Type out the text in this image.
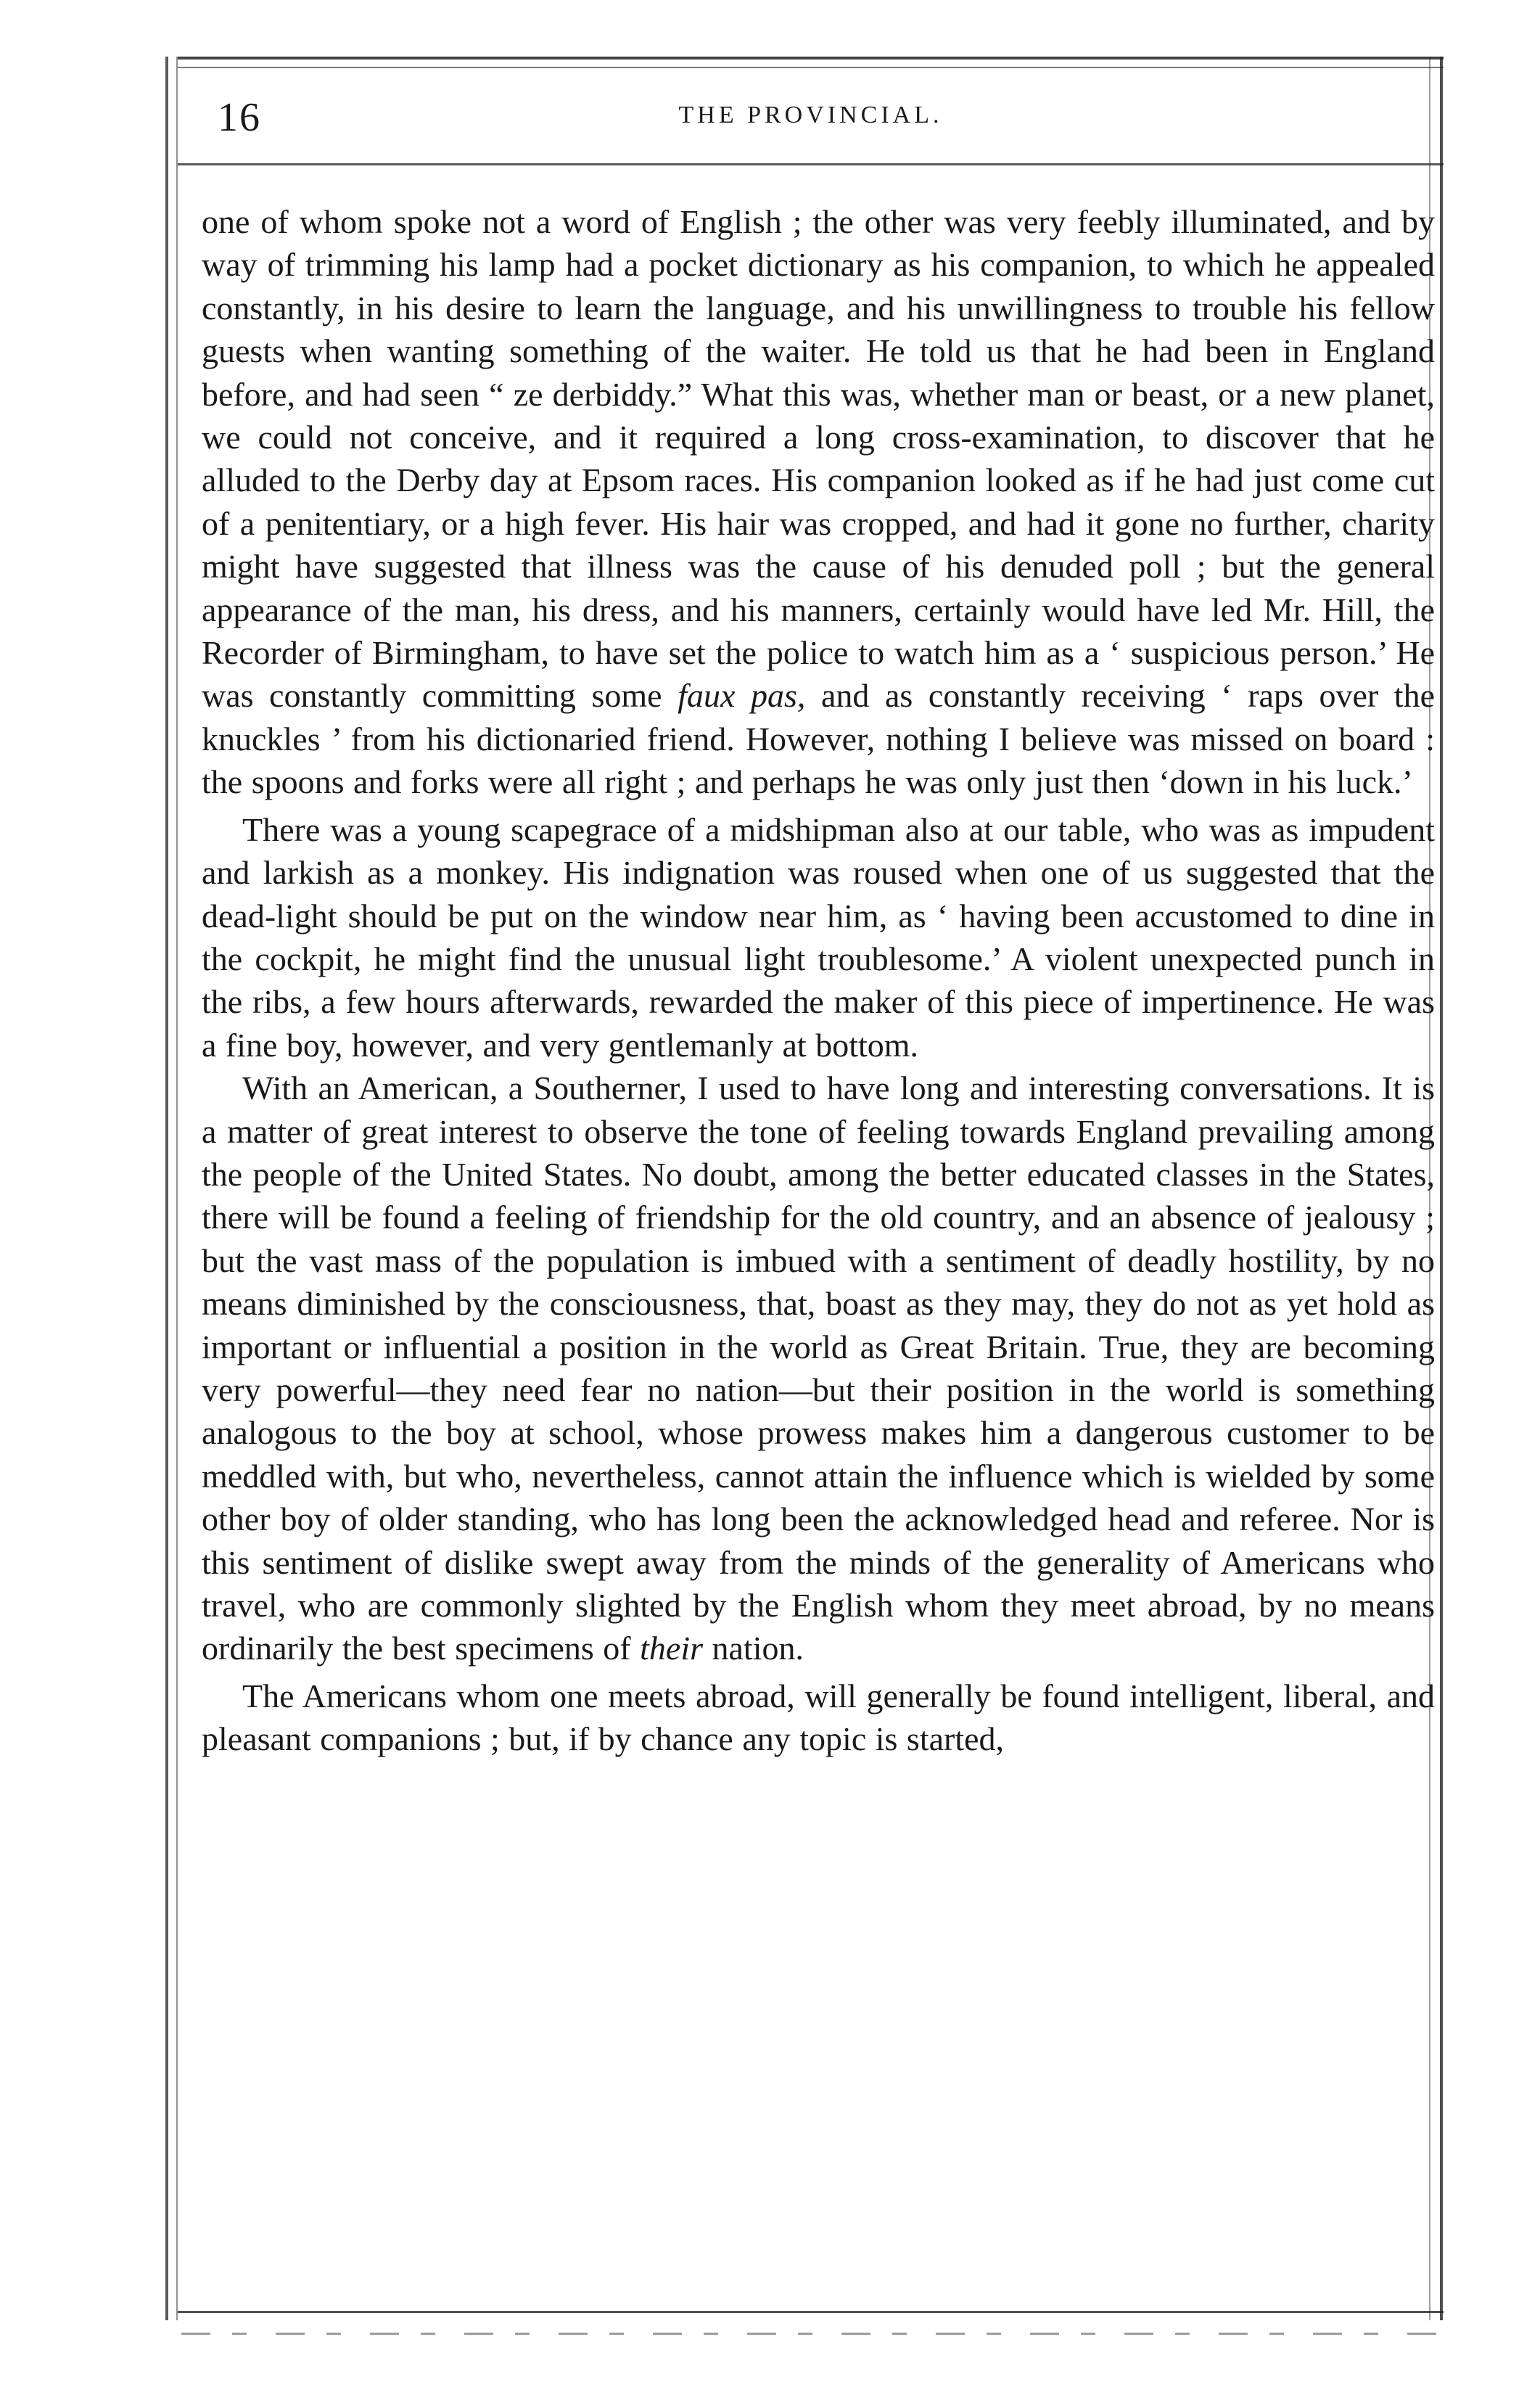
16	THE PROVINCIAL.

one of whom spoke not a word of English ; the other was very feebly illuminated, and by way of trimming his lamp had a pocket dictionary as his companion, to which he appealed constantly, in his desire to learn the language, and his unwillingness to trouble his fellow guests when wanting something of the waiter. He told us that he had been in England before, and had seen “ ze derbiddy.” What this was, whether man or beast, or a new planet, we could not conceive, and it required a long cross-examination, to discover that he alluded to the Derby day at Epsom races. His companion looked as if he had just come cut of a penitentiary, or a high fever. His hair was cropped, and had it gone no further, charity might have suggested that illness was the cause of his denuded poll ; but the general appearance of the man, his dress, and his manners, certainly would have led Mr. Hill, the Recorder of Birmingham, to have set the police to watch him as a ‘ suspicious person.’ He was constantly committing some faux pas, and as constantly receiving ‘ raps over the knuckles ’ from his dictionaried friend. However, nothing I believe was missed on board : the spoons and forks were all right ; and perhaps he was only just then ‘down in his luck.’

There was a young scapegrace of a midshipman also at our table, who was as impudent and larkish as a monkey. His indignation was roused when one of us suggested that the dead-light should be put on the window near him, as ‘ having been accustomed to dine in the cockpit, he might find the unusual light troublesome.’ A violent unexpected punch in the ribs, a few hours afterwards, rewarded the maker of this piece of impertinence. He was a fine boy, however, and very gentlemanly at bottom.

With an American, a Southerner, I used to have long and interesting conversations. It is a matter of great interest to observe the tone of feeling towards England prevailing among the people of the United States. No doubt, among the better educated classes in the States, there will be found a feeling of friendship for the old country, and an absence of jealousy ; but the vast mass of the population is imbued with a sentiment of deadly hostility, by no means diminished by the consciousness, that, boast as they may, they do not as yet hold as important or influential a position in the world as Great Britain. True, they are becoming very powerful—they need fear no nation—but their position in the world is something analogous to the boy at school, whose prowess makes him a dangerous customer to be meddled with, but who, nevertheless, cannot attain the influence which is wielded by some other boy of older standing, who has long been the acknowledged head and referee. Nor is this sentiment of dislike swept away from the minds of the generality of Americans who travel, who are commonly slighted by the English whom they meet abroad, by no means ordinarily the best specimens of their nation.

The Americans whom one meets abroad, will generally be found intelligent, liberal, and pleasant companions ; but, if by chance any topic is started,
